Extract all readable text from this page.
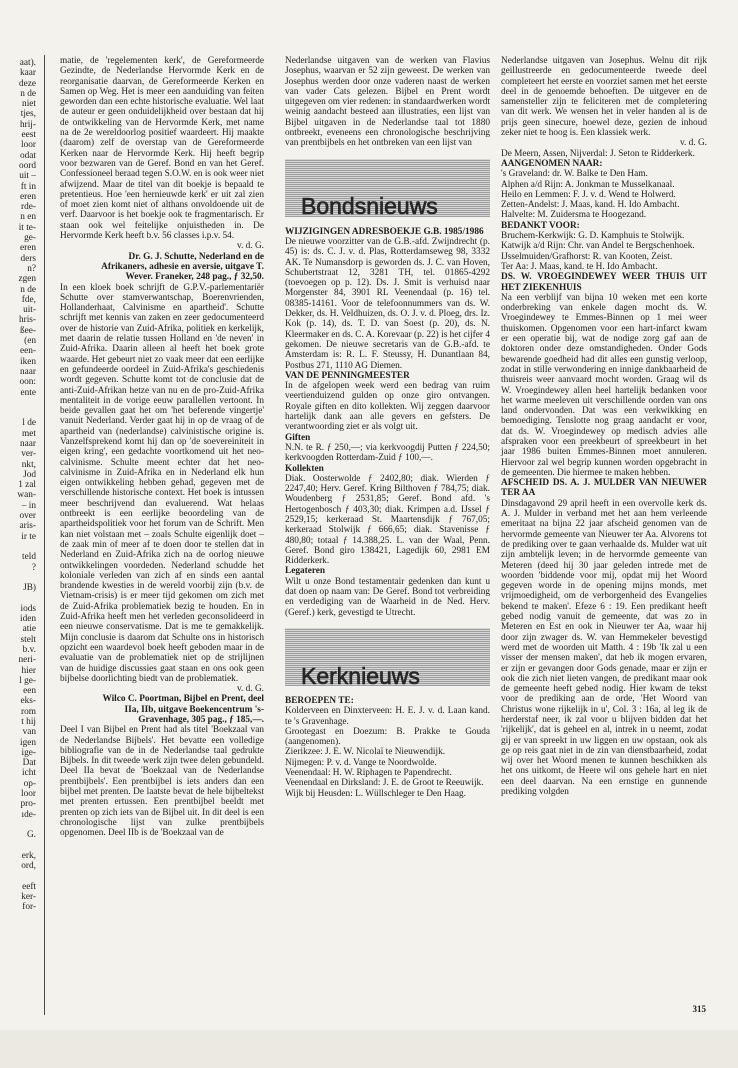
aat).
kaar
deze
n de
niet
tjes,
hrij-
eest
loor
odat
oord
uit –
ft in
eren
rde-
n en
it te-
ge-
eren
ders
n?
zgen
n de
fde,
uit-
hris-
ßee-
(en
een-
iken
naar
oon:
ente
l de
met
naar
ver-
nkt,
Jod
1 zal
wan-
– in
over
aris-
ir te
teld
?
JB)
iods
iden
atie
stelt
b.v.
neri-
hier
l ge-
een
eks-
rom
t hij
van
igen
ige-
Dat
icht
op-
loor
pro-
ıde-
G.
erk,
ord,
eeft
ker-
for-

matie, de 'regelementen kerk', de Gereformeerde Gezindte, de Nederlandse Hervormde Kerk en de reorganisatie daarvan, de Gereformeerde Kerken en Samen op Weg. Het is meer een aanduiding van feiten geworden dan een echte historische evaluatie. Wel laat de auteur er geen onduidelijkheid over bestaan dat hij de ontwikkeling van de Hervormde Kerk, met name na de 2e wereldoorlog positief waardeert. Hij maakte (daarom) zelf de overstap van de Gereformeerde Kerken naar de Hervormde Kerk. Hij heeft begrip voor bezwaren van de Geref. Bond en van het Geref. Confessioneel beraad tegen S.O.W. en is ook weer niet afwijzend. Maar de titel van dit boekje is bepaald te pretentieus. Hoe 'een hernieuwde kerk' er uit zal zien of moet zien komt niet of althans onvoldoende uit de verf. Daarvoor is het boekje ook te fragmentarisch. Er staan ook wel feitelijke onjuistheden in. De Hervormde Kerk heeft b.v. 56 classes i.p.v. 54.

v. d. G.

Dr. G. J. Schutte, Nederland en de Afrikaners, adhesie en aversie, uitgave T. Wever. Franeker, 248 pag., ƒ 32,50.

In een kloek boek schrijft de G.P.V.-parlementariër Schutte over stamverwantschap, Boerenvrienden, Hollanderhaat, Calvinisme en apartheid'. Schutte schrijft met kennis van zaken en zeer gedocumenteerd over de historie van Zuid-Afrika, politiek en kerkelijk, met daarin de relatie tussen Holland en 'de neven' in Zuid-Afrika. Daarin alleen al heeft het boek grote waarde. Het gebeurt niet zo vaak meer dat een eerlijke en gefundeerde oordeel in Zuid-Afrika's geschiedenis wordt gegeven. Schutte komt tot de conclusie dat de anti-Zuid-Afrikan hetze van nu en de pro-Zuid-Afrika mentaliteit in de vorige eeuw parallellen vertoont. In beide gevallen gaat het om 'het beferende vingertje' vanuit Nederland. Verder gaat hij in op de vraag of de apartheid van (nederlandse) calvinistische origine is. Vanzelfsprekend komt hij dan op 'de soevereiniteit in eigen kring', een gedachte voortkomend uit het neo-calvinisme. Schulte meent echter dat het neo-calvinisme in Zuid-Afrika en in Nederland elk hun eigen ontwikkeling hebben gehad, gegeven met de verschillende historische context. Het boek is intussen meer beschrijvend dan evaluerend. Wat helaas ontbreekt is een eerlijke beoordeling van de apartheidspolitiek voor het forum van de Schrift. Men kan niet volstaan met – zoals Schulte eigenlijk doet – de zaak min of meer af te doen door te stellen dat in Nederland en Zuid-Afrika zich na de oorlog nieuwe ontwikkelingen voordeden. Nederland schudde het koloniale verleden van zich af en sinds een aantal brandende kwesties in de wereld voorbij zijn (b.v. de Vietnam-crisis) is er meer tijd gekomen om zich met de Zuid-Afrika problematiek bezig te houden. En in Zuid-Afrika heeft men het verleden geconsolideerd in een nieuwe conservatisme. Dat is me te gemakkelijk. Mijn conclusie is daarom dat Schulte ons in historisch opzicht een waardevol boek heeft geboden maar in de evaluatie van de problematiek niet op de strijlijnen van de huidige discussies gaat staan en ons ook geen bijbelse doorlichting biedt van de problematiek.

v. d. G.

Wilco C. Poortman, Bijbel en Prent, deel IIa, IIb, uitgave Boekencentrum 's-Gravenhage, 305 pag., ƒ 185,—.

Deel I van Bijbel en Prent had als titel 'Boekzaal van de Nederlandse Bijbels'. Het bevatte een volledige bibliografie van de in de Nederlandse taal gedrukte Bijbels. In dit tweede werk zijn twee delen gebundeld. Deel IIa bevat de 'Boekzaal van de Nederlandse prentbijbels'. Een prentbijbel is iets anders dan een bijbel met prenten. De laatste bevat de hele bijbeltekst met prenten ertussen. Een prentbijbel beeldt met prenten op zich iets van de Bijbel uit. In dit deel is een chronologische lijst van zulke prentbijbels opgenomen. Deel IIb is de 'Boekzaal van de

Nederlandse uitgaven van de werken van Flavius Josephus, waarvan er 52 zijn geweest. De werken van Josephus werden door onze vaderen naast de werken van vader Cats gelezen. Bijbel en Prent wordt uitgegeven om vier redenen: in standaardwerken wordt weinig aandacht besteed aan illustraties, een lijst van Bijbel uitgaven in de Nederlandse taal tot 1880 ontbreekt, eveneens een chronologische beschrijving van prentbijbels en het ontbreken van een lijst van

Bondsnieuws

WIJZIGINGEN ADRESBOEKJE G.B. 1985/1986

De nieuwe voorzitter van de G.B.-afd. Zwijndrecht (p. 45) is: ds. C. J. v. d. Plas, Rotterdamseweg 98, 3332 AK. Te Numansdorp is geworden ds. J. C. van Hoven, Schubertstraat 12, 3281 TH, tel. 01865-4292 (toevoegen op p. 12). Ds. J. Smit is verhuisd naar Morgenster 84, 3901 RL Veenendaal (p. 16) tel. 08385-14161. Voor de telefoonnummers van ds. W. Dekker, ds. H. Veldhuizen, ds. O. J. v. d. Ploeg, drs. Iz. Kok (p. 14), ds. T. D. van Soest (p. 20), ds. N. Kleermaker en ds. C. A. Korevaar (p. 22) is het cijfer 4 gekomen. De nieuwe secretaris van de G.B.-afd. te Amsterdam is: R. L. F. Steussy, H. Dunantlaan 84, Postbus 271, 1110 AG Diemen.

VAN DE PENNINGMEESTER

In de afgelopen week werd een bedrag van ruim veertienduizend gulden op onze giro ontvangen. Royale giften en dito kollekten. Wij zeggen daarvoor hartelijk dank aan alle gevers en gefsters. De verantwoording ziet er als volgt uit.

Giften

N.N. te R. ƒ 250,—; via kerkvoogdij Putten ƒ 224,50; kerkvoogden Rotterdam-Zuid ƒ 100,—.

Kollekten

Diak. Oosterwolde ƒ 2402,80; diak. Wierden ƒ 2247,40; Herv. Geref. Kring Bilthoven ƒ 784,75; diak. Woudenberg ƒ 2531,85; Geref. Bond afd. 's Hertogenbosch ƒ 403,30; diak. Krimpen a.d. IJssel ƒ 2529,15; kerkeraad St. Maartensdijk ƒ 767,05; kerkeraad Stolwijk ƒ 666,65; diak. Stavenisse ƒ 480,80; totaal ƒ 14.388,25. L. van der Waal, Penn. Geref. Bond giro 138421, Lagedijk 60, 2981 EM Ridderkerk.

Legateren

Wilt u onze Bond testamentair gedenken dan kunt u dat doen op naam van: De Geref. Bond tot verbreiding en verdediging van de Waarheid in de Ned. Herv. (Geref.) kerk, gevestigd te Utrecht.

Kerknieuws

BEROEPEN TE:

Kolderveen en Dinxterveen: H. E. J. v. d. Laan kand. te 's Gravenhage.

Grootegast en Doezum: B. Prakke te Gouda (aangenomen).

Zierikzee: J. E. W. Nicolaï te Nieuwendijk.

Nijmegen: P. v. d. Vange te Noordwolde.

Veenendaal: H. W. Riphagen te Papendrecht.

Veenendaal en Dirksland: J. E. de Groot te Reeuwijk.

Wijk bij Heusden: L. Wüllschleger te Den Haag.

Nederlandse uitgaven van Josephus. Welnu dit rijk geillustreerde en gedocumenteerde tweede deel completeert het eerste en voorziet samen met het eerste deel in de genoemde behoeften. De uitgever en de samensteller zijn te feliciteren met de completering van dit werk. We wensen het in veler handen al is de prijs geen sinecure, hoewel deze, gezien de inhoud zeker niet te hoog is. Een klassiek werk.

v. d. G.

De Meern, Assen, Nijverdal: J. Seton te Ridderkerk.

AANGENOMEN NAAR:

's Graveland: dr. W. Balke te Den Ham.

Alphen a/d Rijn: A. Jonkman te Musselkanaal.

Heilo en Lemmen: F. J. v. d. Wend te Holwerd.

Zetten-Andelst: J. Maas, kand. H. Ido Ambacht.

Halvelte: M. Zuidersma te Hoogezand.

BEDANKT VOOR:

Bruchem-Kerkwijk: G. D. Kamphuis te Stolwijk.

Katwijk a/d Rijn: Chr. van Andel te Bergschenhoek.

IJsselmuiden/Grafhorst: R. van Kooten, Zeist.

Ter Aa: J. Maas, kand. te H. Ido Ambacht.

DS. W. VROEGINDEWEY WEER THUIS UIT HET ZIEKENHUIS

Na een verblijf van bijna 10 weken met een korte onderbreking van enkele dagen mocht ds. W. Vroegindewey te Emmes-Binnen op 1 mei weer thuiskomen. Opgenomen voor een hart-infarct kwam er een operatie bij, wat de nodige zorg gaf aan de doktoren onder deze omstandigheden. Onder Gods bewarende goedheid had dit alles een gunstig verloop, zodat in stille verwondering en innige dankbaarheid de thuisreis weer aanvaard mocht worden. Graag wil ds W. Vroegindewey allen heel hartelijk bedanken voor het warme meeleven uit verschillende oorden van ons land ondervonden. Dat was een verkwikking en bemoediging. Tenslotte nog graag aandacht er voor, dat ds. W. Vroegindewey op medisch advies alle afspraken voor een preekbeurt of spreekbeurt in het jaar 1986 buiten Emmes-Binnen moet annuleren. Hiervoor zal wel begrip kunnen worden opgebracht in de gemeenten. Die hiermee te maken hebben.

AFSCHEID DS. A. J. MULDER VAN NIEUWER TER AA

Dinsdagavond 29 april heeft in een overvolle kerk ds. A. J. Mulder in verband met het aan hem verleende emeritaat na bijna 22 jaar afscheid genomen van de hervormde gemeente van Nieuwer ter Aa. Alvorens tot de prediking over te gaan verhaalde ds. Mulder wat uit zijn ambtelijk leven; in de hervormde gemeente van Meteren (deed hij 30 jaar geleden intrede met de woorden 'biddende voor mij, opdat mij het Woord gegeven worde in de opening mijns monds, met vrijmoedigheid, om de verborgenheid des Evangelies bekend te maken'. Efeze 6 : 19. Een predikant heeft gebed nodig vanuit de gemeente, dat was zo in Meteren en Est en ook in Nieuwer ter Aa, waar hij door zijn zwager ds. W. van Hemmekeler bevestigd werd met de woorden uit Matth. 4 : 19b 'Ik zal u een visser der mensen maken', dat heb ik mogen ervaren, er zijn er gevangen door Gods genade, maar er zijn er ook die zich niet lieten vangen, de predikant maar ook de gemeente heeft gebed nodig. Hier kwam de tekst voor de prediking aan de orde, 'Het Woord van Christus wone rijkelijk in u', Col. 3 : 16a, al leg ik de herderstaf neer, ik zal voor u blijven bidden dat het 'rijkelijk', dat is geheel en al, intrek in u neemt, zodat gij er van spreekt in uw liggen en uw opstaan, ook als ge op reis gaat niet in de zin van dienstbaarheid, zodat wij over het Woord menen te kunnen beschikken als het ons uitkomt, de Heere wil ons gehele hart en niet een deel daarvan. Na een ernstige en gunnende prediking volgden

315
